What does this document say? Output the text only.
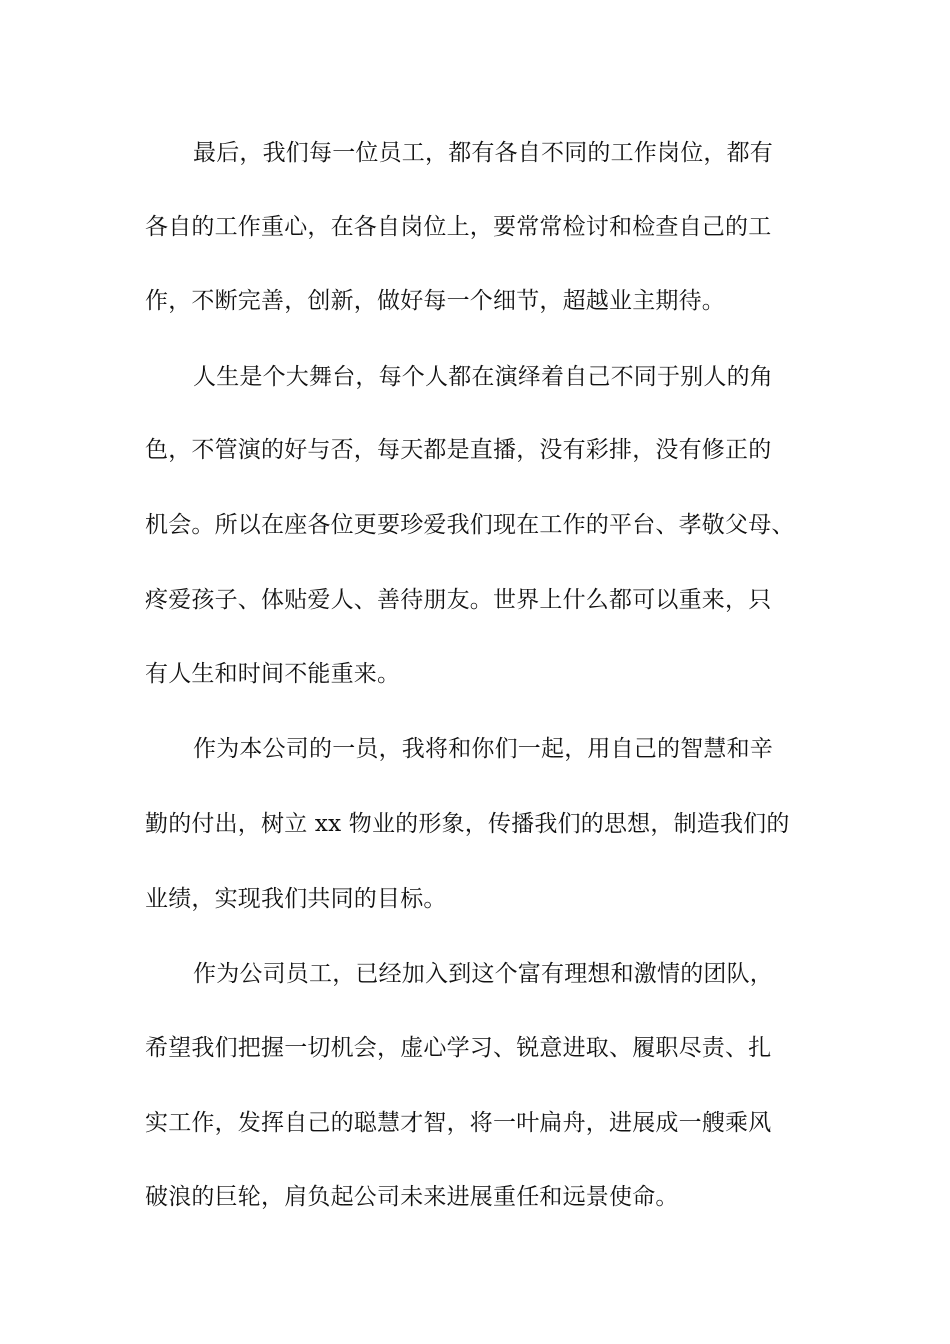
最后，我们每一位员工，都有各自不同的工作岗位，都有
各自的工作重心，在各自岗位上，要常常检讨和检查自己的工
作，不断完善，创新，做好每一个细节，超越业主期待。
人生是个大舞台，每个人都在演绎着自己不同于别人的角
色，不管演的好与否，每天都是直播，没有彩排，没有修正的
机会。所以在座各位更要珍爱我们现在工作的平台、孝敬父母、
疼爱孩子、体贴爱人、善待朋友。世界上什么都可以重来，只
有人生和时间不能重来。
作为本公司的一员，我将和你们一起，用自己的智慧和辛
勤的付出，树立 xx 物业的形象，传播我们的思想，制造我们的
业绩，实现我们共同的目标。
作为公司员工，已经加入到这个富有理想和激情的团队，
希望我们把握一切机会，虚心学习、锐意进取、履职尽责、扎
实工作，发挥自己的聪慧才智，将一叶扁舟，进展成一艘乘风
破浪的巨轮，肩负起公司未来进展重任和远景使命。
